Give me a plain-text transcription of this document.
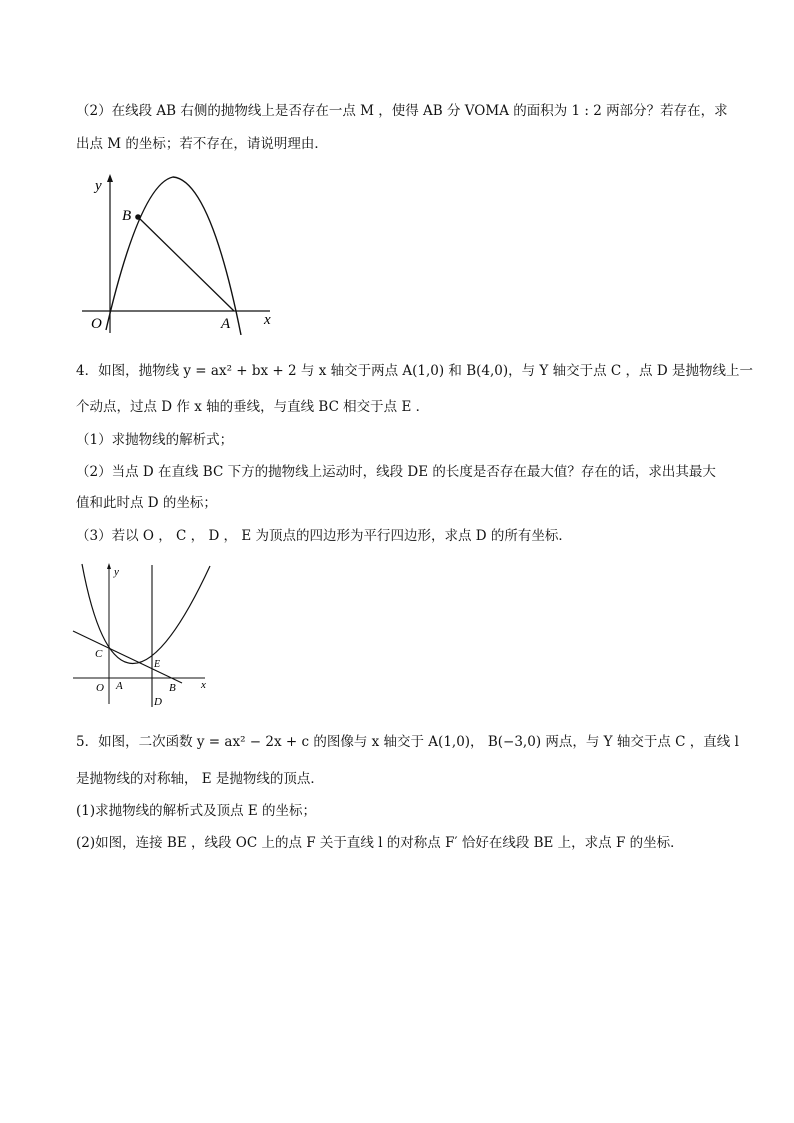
（2）在线段 AB 右侧的抛物线上是否存在一点 M ，使得 AB 分 VOMA 的面积为 1 : 2 两部分？若存在，求
出点 M 的坐标；若不存在，请说明理由．
y
x
O	A
B
4．如图，抛物线 y = ax² + bx + 2 与 x 轴交于两点 A(1,0) 和 B(4,0)，与 Y 轴交于点 C ，点 D 是抛物线上一
个动点，过点 D 作 x 轴的垂线，与直线 BC 相交于点 E ．
（1）求抛物线的解析式；
（2）当点 D 在直线 BC 下方的抛物线上运动时，线段 DE 的长度是否存在最大值？存在的话，求出其最大
值和此时点 D 的坐标；
（3）若以 O ， C ， D ， E 为顶点的四边形为平行四边形，求点 D 的所有坐标．
y
x
O A	B
C
D
E
5．如图，二次函数 y = ax² − 2x + c 的图像与 x 轴交于 A(1,0)， B(−3,0) 两点，与 Y 轴交于点 C ，直线 l
是抛物线的对称轴， E 是抛物线的顶点．
(1)求抛物线的解析式及顶点 E 的坐标；
(2)如图，连接 BE ，线段 OC 上的点 F 关于直线 l 的对称点 F′ 恰好在线段 BE 上，求点 F 的坐标．
